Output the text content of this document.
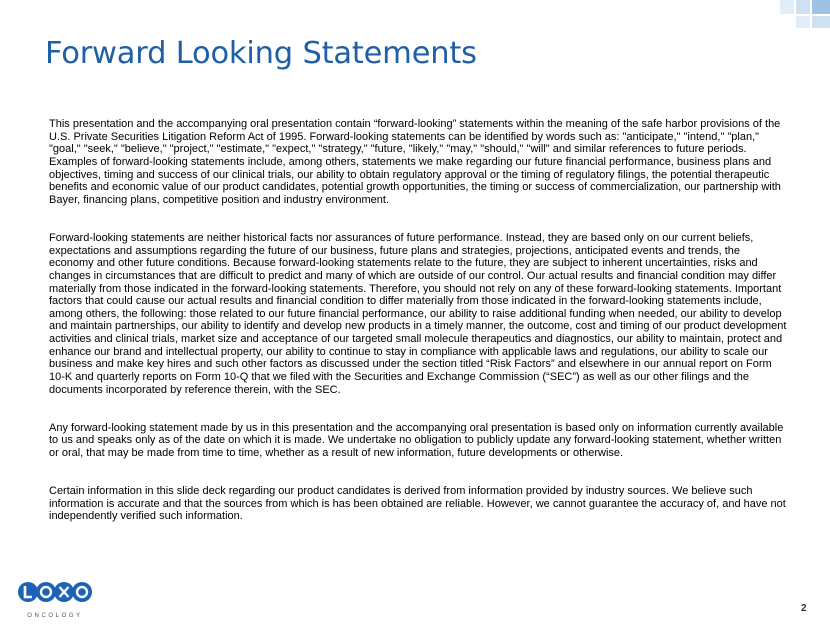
Forward Looking Statements

This presentation and the accompanying oral presentation contain “forward-looking” statements within the meaning of the safe harbor provisions of the U.S. Private Securities Litigation Reform Act of 1995. Forward-looking statements can be identified by words such as: "anticipate," "intend," "plan," "goal," "seek," "believe," "project," "estimate," "expect," "strategy," "future, "likely," "may," "should," "will" and similar references to future periods. Examples of forward-looking statements include, among others, statements we make regarding our future financial performance, business plans and objectives, timing and success of our clinical trials, our ability to obtain regulatory approval or the timing of regulatory filings, the potential therapeutic benefits and economic value of our product candidates, potential growth opportunities, the timing or success of commercialization, our partnership with Bayer, financing plans, competitive position and industry environment.

Forward-looking statements are neither historical facts nor assurances of future performance. Instead, they are based only on our current beliefs, expectations and assumptions regarding the future of our business, future plans and strategies, projections, anticipated events and trends, the economy and other future conditions. Because forward-looking statements relate to the future, they are subject to inherent uncertainties, risks and changes in circumstances that are difficult to predict and many of which are outside of our control. Our actual results and financial condition may differ materially from those indicated in the forward-looking statements. Therefore, you should not rely on any of these forward-looking statements. Important factors that could cause our actual results and financial condition to differ materially from those indicated in the forward-looking statements include, among others, the following: those related to our future financial performance, our ability to raise additional funding when needed, our ability to develop and maintain partnerships, our ability to identify and develop new products in a timely manner, the outcome, cost and timing of our product development activities and clinical trials, market size and acceptance of our targeted small molecule therapeutics and diagnostics, our ability to maintain, protect and enhance our brand and intellectual property, our ability to continue to stay in compliance with applicable laws and regulations, our ability to scale our business and make key hires and such other factors as discussed under the section titled “Risk Factors” and elsewhere in our annual report on Form 10-K and quarterly reports on Form 10-Q that we filed with the Securities and Exchange Commission (“SEC”) as well as our other filings and the documents incorporated by reference therein, with the SEC.

Any forward-looking statement made by us in this presentation and the accompanying oral presentation is based only on information currently available to us and speaks only as of the date on which it is made. We undertake no obligation to publicly update any forward-looking statement, whether written or oral, that may be made from time to time, whether as a result of new information, future developments or otherwise.

Certain information in this slide deck regarding our product candidates is derived from information provided by industry sources. We believe such information is accurate and that the sources from which is has been obtained are reliable. However, we cannot guarantee the accuracy of, and have not independently verified such information.

ONCOLOGY
2
